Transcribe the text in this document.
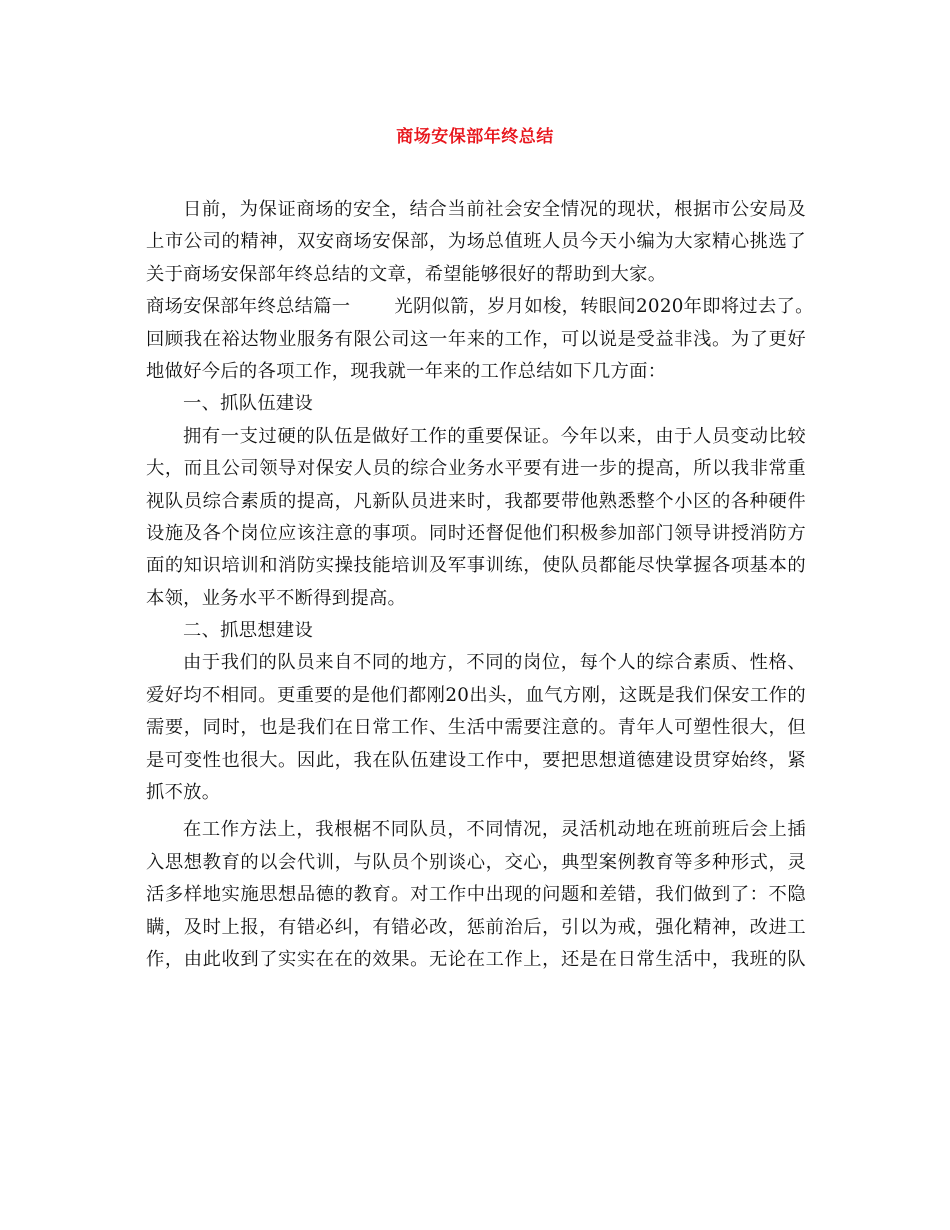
商场安保部年终总结
日前，为保证商场的安全，结合当前社会安全情况的现状，根据市公安局及
上市公司的精神，双安商场安保部，为场总值班人员今天小编为大家精心挑选了
关于商场安保部年终总结的文章，希望能够很好的帮助到大家。
商场安保部年终总结篇一 光阴似箭，岁月如梭，转眼间2020年即将过去了。
回顾我在裕达物业服务有限公司这一年来的工作，可以说是受益非浅。为了更好
地做好今后的各项工作，现我就一年来的工作总结如下几方面：
一、抓队伍建设
拥有一支过硬的队伍是做好工作的重要保证。今年以来，由于人员变动比较
大，而且公司领导对保安人员的综合业务水平要有进一步的提高，所以我非常重
视队员综合素质的提高，凡新队员进来时，我都要带他熟悉整个小区的各种硬件
设施及各个岗位应该注意的事项。同时还督促他们积极参加部门领导讲授消防方
面的知识培训和消防实操技能培训及军事训练，使队员都能尽快掌握各项基本的
本领，业务水平不断得到提高。
二、抓思想建设
由于我们的队员来自不同的地方，不同的岗位，每个人的综合素质、性格、
爱好均不相同。更重要的是他们都刚20出头，血气方刚，这既是我们保安工作的
需要，同时，也是我们在日常工作、生活中需要注意的。青年人可塑性很大，但
是可变性也很大。因此，我在队伍建设工作中，要把思想道德建设贯穿始终，紧
抓不放。
在工作方法上，我根椐不同队员，不同情况，灵活机动地在班前班后会上插
入思想教育的以会代训，与队员个别谈心，交心，典型案例教育等多种形式，灵
活多样地实施思想品德的教育。对工作中出现的问题和差错，我们做到了：不隐
瞒，及时上报，有错必纠，有错必改，惩前治后，引以为戒，强化精神，改进工
作，由此收到了实实在在的效果。无论在工作上，还是在日常生活中，我班的队
